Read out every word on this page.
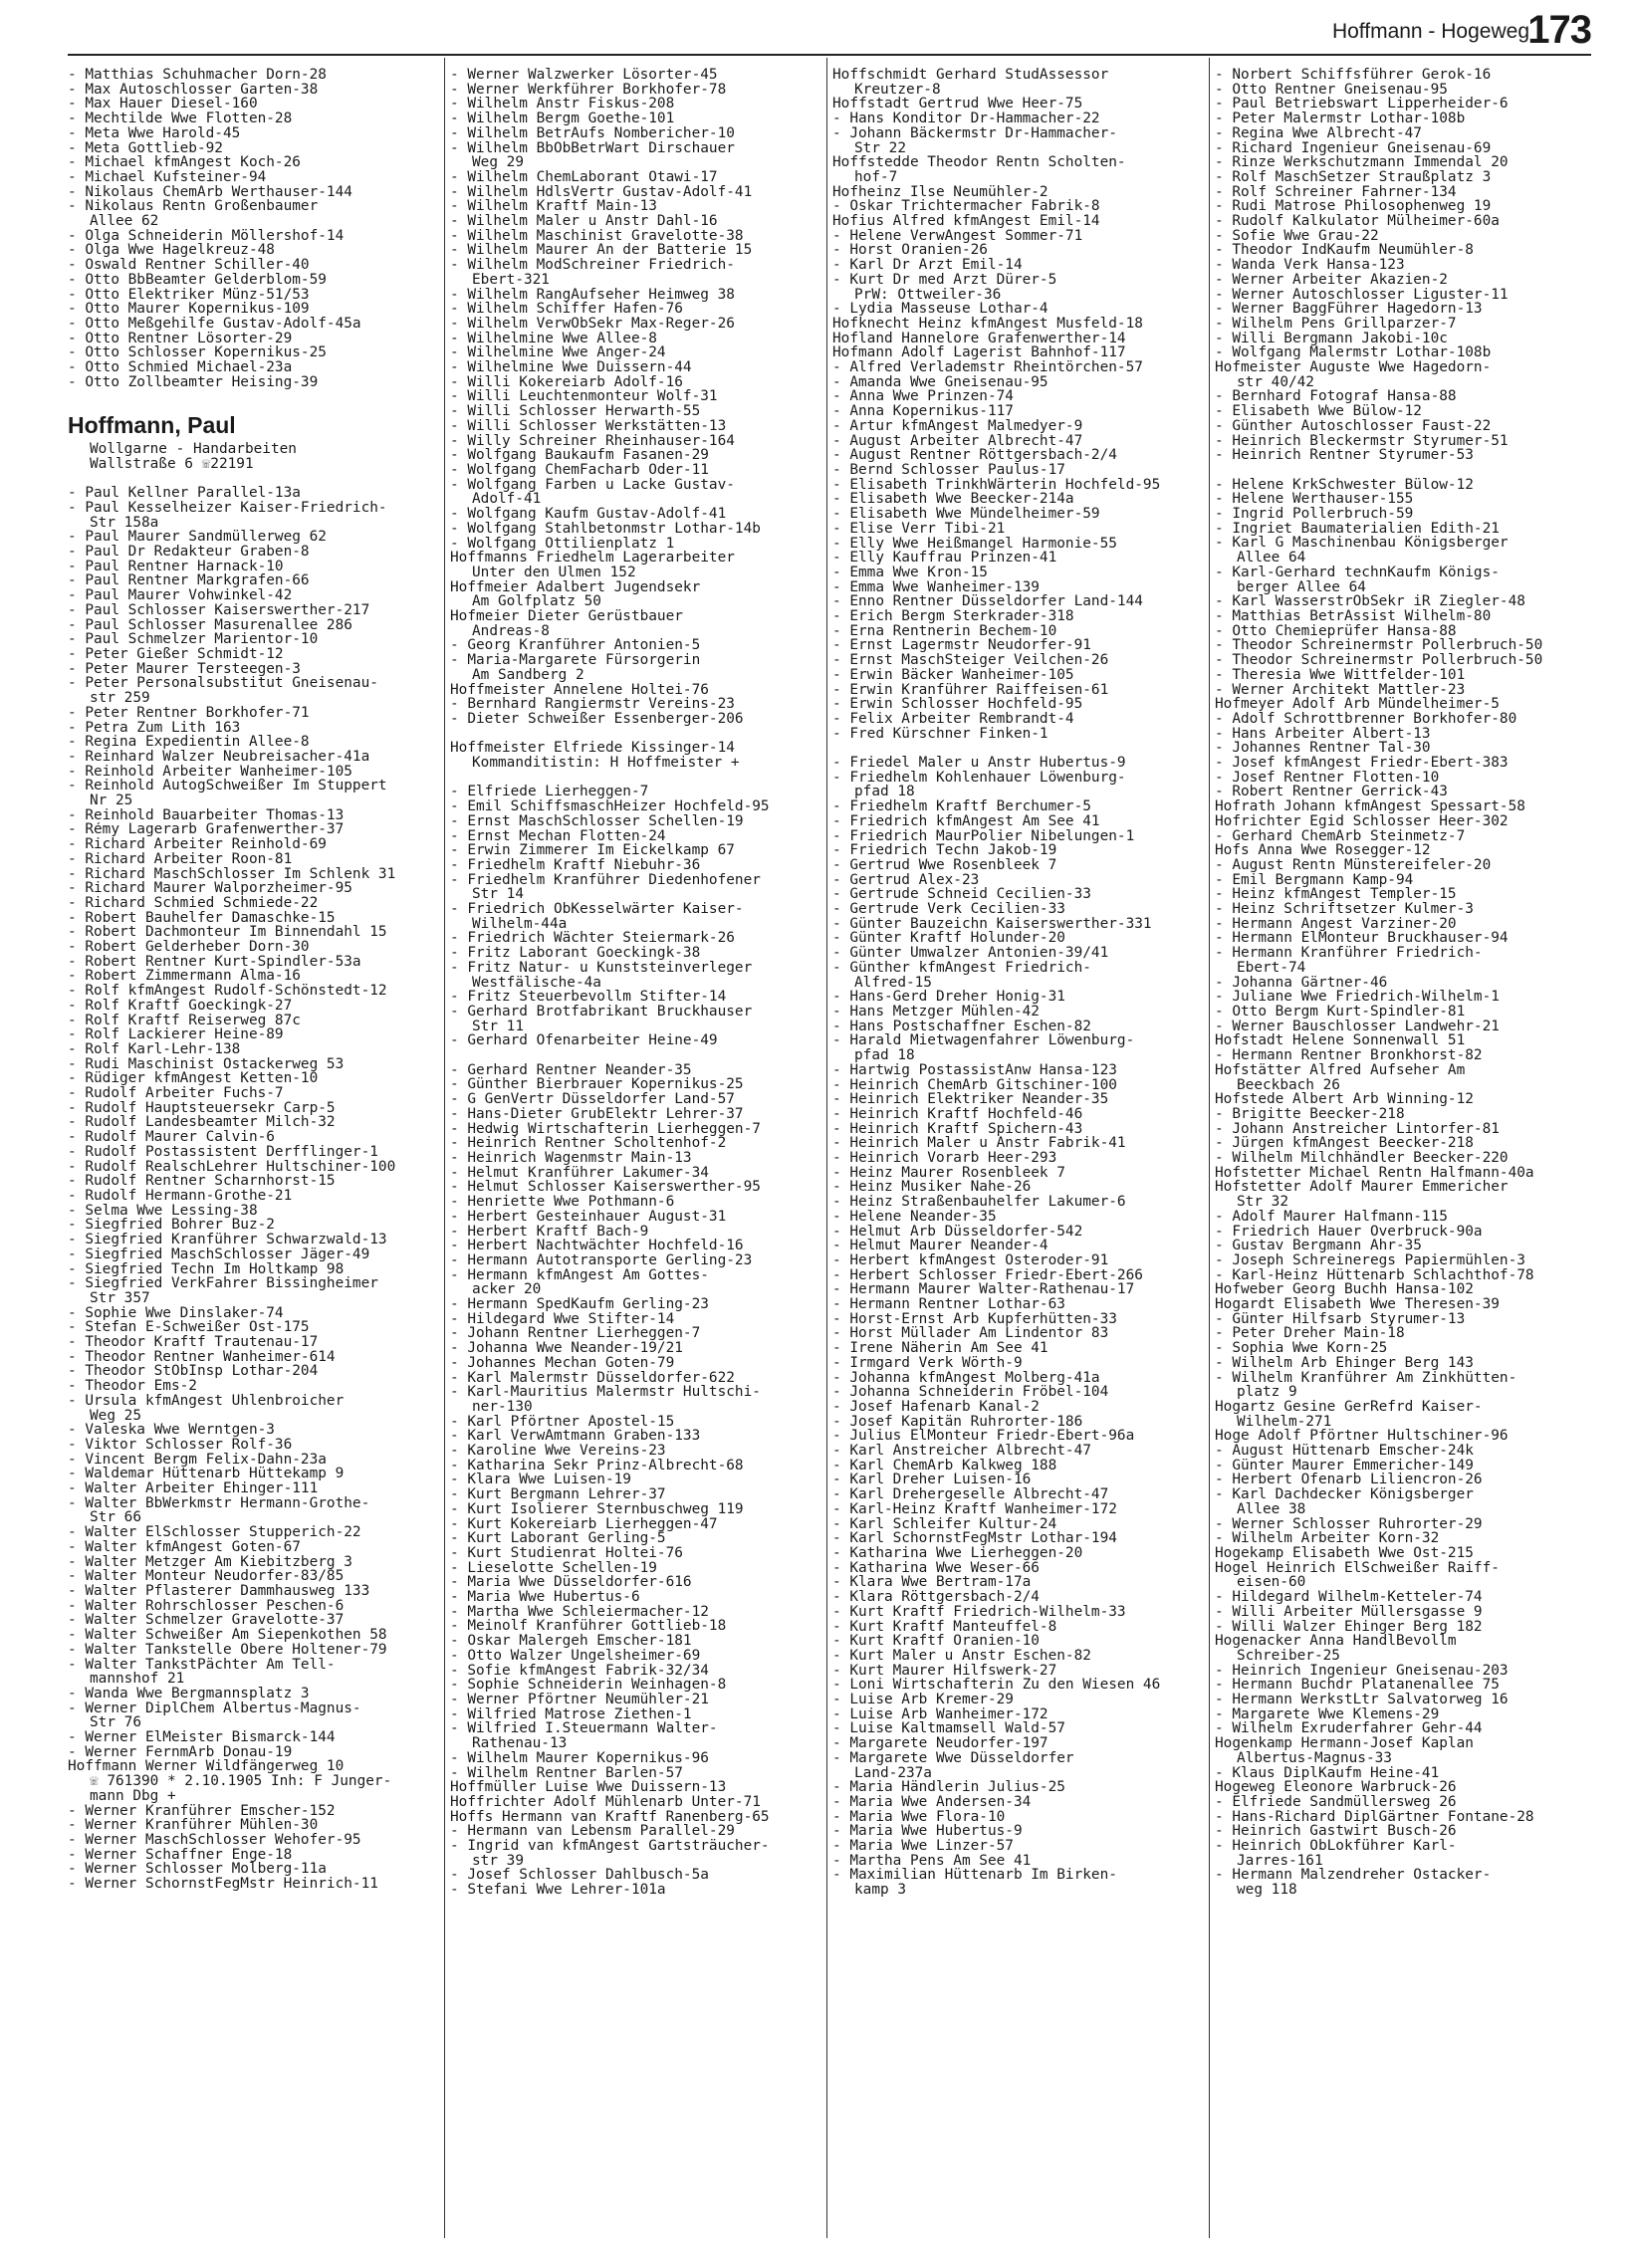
Hoffmann - Hogeweg
173
- Matthias Schuhmacher Dorn-28
- Max Autoschlosser Garten-38
- Max Hauer Diesel-160
- Mechtilde Wwe Flotten-28
- Meta Wwe Harold-45
- Meta Gottlieb-92
- Michael kfmAngest Koch-26
- Michael Kufsteiner-94
- Nikolaus ChemArb Werthauser-144
- Nikolaus Rentn Großenbaumer
Allee 62
- Olga Schneiderin Möllershof-14
- Olga Wwe Hagelkreuz-48
- Oswald Rentner Schiller-40
- Otto BbBeamter Gelderblom-59
- Otto Elektriker Münz-51/53
- Otto Maurer Kopernikus-109
- Otto Meßgehilfe Gustav-Adolf-45a
- Otto Rentner Lösorter-29
- Otto Schlosser Kopernikus-25
- Otto Schmied Michael-23a
- Otto Zollbeamter Heising-39
Hoffmann, Paul
Wollgarne - Handarbeiten
Wallstraße 6 ☏22191
- Paul Kellner Parallel-13a
- Paul Kesselheizer Kaiser-Friedrich-
Str 158a
- Paul Maurer Sandmüllerweg 62
- Paul Dr Redakteur Graben-8
- Paul Rentner Harnack-10
- Paul Rentner Markgrafen-66
- Paul Maurer Vohwinkel-42
- Paul Schlosser Kaiserswerther-217
- Paul Schlosser Masurenallee 286
- Paul Schmelzer Marientor-10
- Peter Gießer Schmidt-12
- Peter Maurer Tersteegen-3
- Peter Personalsubstitut Gneisenau-
str 259
- Peter Rentner Borkhofer-71
- Petra Zum Lith 163
- Regina Expedientin Allee-8
- Reinhard Walzer Neubreisacher-41a
- Reinhold Arbeiter Wanheimer-105
- Reinhold AutogSchweißer Im Stuppert
Nr 25
- Reinhold Bauarbeiter Thomas-13
- Rémy Lagerarb Grafenwerther-37
- Richard Arbeiter Reinhold-69
- Richard Arbeiter Roon-81
- Richard MaschSchlosser Im Schlenk 31
- Richard Maurer Walporzheimer-95
- Richard Schmied Schmiede-22
- Robert Bauhelfer Damaschke-15
- Robert Dachmonteur Im Binnendahl 15
- Robert Gelderheber Dorn-30
- Robert Rentner Kurt-Spindler-53a
- Robert Zimmermann Alma-16
- Rolf kfmAngest Rudolf-Schönstedt-12
- Rolf Kraftf Goeckingk-27
- Rolf Kraftf Reiserweg 87c
- Rolf Lackierer Heine-89
- Rolf Karl-Lehr-138
- Rudi Maschinist Ostackerweg 53
- Rüdiger kfmAngest Ketten-10
- Rudolf Arbeiter Fuchs-7
- Rudolf Hauptsteuersekr Carp-5
- Rudolf Landesbeamter Milch-32
- Rudolf Maurer Calvin-6
- Rudolf Postassistent Derfflinger-1
- Rudolf RealschLehrer Hultschiner-100
- Rudolf Rentner Scharnhorst-15
- Rudolf Hermann-Grothe-21
- Selma Wwe Lessing-38
- Siegfried Bohrer Buz-2
- Siegfried Kranführer Schwarzwald-13
- Siegfried MaschSchlosser Jäger-49
- Siegfried Techn Im Holtkamp 98
- Siegfried VerkFahrer Bissingheimer
Str 357
- Sophie Wwe Dinslaker-74
- Stefan E-Schweißer Ost-175
- Theodor Kraftf Trautenau-17
- Theodor Rentner Wanheimer-614
- Theodor StObInsp Lothar-204
- Theodor Ems-2
- Ursula kfmAngest Uhlenbroicher
Weg 25
- Valeska Wwe Werntgen-3
- Viktor Schlosser Rolf-36
- Vincent Bergm Felix-Dahn-23a
- Waldemar Hüttenarb Hüttekamp 9
- Walter Arbeiter Ehinger-111
- Walter BbWerkmstr Hermann-Grothe-
Str 66
- Walter ElSchlosser Stupperich-22
- Walter kfmAngest Goten-67
- Walter Metzger Am Kiebitzberg 3
- Walter Monteur Neudorfer-83/85
- Walter Pflasterer Dammhausweg 133
- Walter Rohrschlosser Peschen-6
- Walter Schmelzer Gravelotte-37
- Walter Schweißer Am Siepenkothen 58
- Walter Tankstelle Obere Holtener-79
- Walter TankstPächter Am Tell-
mannshof 21
- Wanda Wwe Bergmannsplatz 3
- Werner DiplChem Albertus-Magnus-
Str 76
- Werner ElMeister Bismarck-144
- Werner FernmArb Donau-19
Hoffmann Werner Wildfängerweg 10
☏ 761390 * 2.10.1905 Inh: F Junger-
mann Dbg +
- Werner Kranführer Emscher-152
- Werner Kranführer Mühlen-30
- Werner MaschSchlosser Wehofer-95
- Werner Schaffner Enge-18
- Werner Schlosser Molberg-11a
- Werner SchornstFegMstr Heinrich-11
- Werner Walzwerker Lösorter-45
- Werner Werkführer Borkhofer-78
- Wilhelm Anstr Fiskus-208
- Wilhelm Bergm Goethe-101
- Wilhelm BetrAufs Nombericher-10
- Wilhelm BbObBetrWart Dirschauer
Weg 29
- Wilhelm ChemLaborant Otawi-17
- Wilhelm HdlsVertr Gustav-Adolf-41
- Wilhelm Kraftf Main-13
- Wilhelm Maler u Anstr Dahl-16
- Wilhelm Maschinist Gravelotte-38
- Wilhelm Maurer An der Batterie 15
- Wilhelm ModSchreiner Friedrich-
Ebert-321
- Wilhelm RangAufseher Heimweg 38
- Wilhelm Schiffer Hafen-76
- Wilhelm VerwObSekr Max-Reger-26
- Wilhelmine Wwe Allee-8
- Wilhelmine Wwe Anger-24
- Wilhelmine Wwe Duissern-44
- Willi Kokereiarb Adolf-16
- Willi Leuchtenmonteur Wolf-31
- Willi Schlosser Herwarth-55
- Willi Schlosser Werkstätten-13
- Willy Schreiner Rheinhauser-164
- Wolfgang Baukaufm Fasanen-29
- Wolfgang ChemFacharb Oder-11
- Wolfgang Farben u Lacke Gustav-
Adolf-41
- Wolfgang Kaufm Gustav-Adolf-41
- Wolfgang Stahlbetonmstr Lothar-14b
- Wolfgang Ottilienplatz 1
Hoffmanns Friedhelm Lagerarbeiter
Unter den Ulmen 152
Hoffmeier Adalbert Jugendsekr
Am Golfplatz 50
Hofmeier Dieter Gerüstbauer
Andreas-8
- Georg Kranführer Antonien-5
- Maria-Margarete Fürsorgerin
Am Sandberg 2
Hoffmeister Annelene Holtei-76
- Bernhard Rangiermstr Vereins-23
- Dieter Schweißer Essenberger-206
Hoffmeister Elfriede Kissinger-14
Kommanditistin: H Hoffmeister +
- Elfriede Lierheggen-7
- Emil SchiffsmaschHeizer Hochfeld-95
- Ernst MaschSchlosser Schellen-19
- Ernst Mechan Flotten-24
- Erwin Zimmerer Im Eickelkamp 67
- Friedhelm Kraftf Niebuhr-36
- Friedhelm Kranführer Diedenhofener
Str 14
- Friedrich ObKesselwärter Kaiser-
Wilhelm-44a
- Friedrich Wächter Steiermark-26
- Fritz Laborant Goeckingk-38
- Fritz Natur- u Kunststeinverleger
Westfälische-4a
- Fritz Steuerbevollm Stifter-14
- Gerhard Brotfabrikant Bruckhauser
Str 11
- Gerhard Ofenarbeiter Heine-49
- Gerhard Rentner Neander-35
- Günther Bierbrauer Kopernikus-25
- G GenVertr Düsseldorfer Land-57
- Hans-Dieter GrubElektr Lehrer-37
- Hedwig Wirtschafterin Lierheggen-7
- Heinrich Rentner Scholtenhof-2
- Heinrich Wagenmstr Main-13
- Helmut Kranführer Lakumer-34
- Helmut Schlosser Kaiserswerther-95
- Henriette Wwe Pothmann-6
- Herbert Gesteinhauer August-31
- Herbert Kraftf Bach-9
- Herbert Nachtwächter Hochfeld-16
- Hermann Autotransporte Gerling-23
- Hermann kfmAngest Am Gottes-
acker 20
- Hermann SpedKaufm Gerling-23
- Hildegard Wwe Stifter-14
- Johann Rentner Lierheggen-7
- Johanna Wwe Neander-19/21
- Johannes Mechan Goten-79
- Karl Malermstr Düsseldorfer-622
- Karl-Mauritius Malermstr Hultschi-
ner-130
- Karl Pförtner Apostel-15
- Karl VerwAmtmann Graben-133
- Karoline Wwe Vereins-23
- Katharina Sekr Prinz-Albrecht-68
- Klara Wwe Luisen-19
- Kurt Bergmann Lehrer-37
- Kurt Isolierer Sternbuschweg 119
- Kurt Kokereiarb Lierheggen-47
- Kurt Laborant Gerling-5
- Kurt Studienrat Holtei-76
- Lieselotte Schellen-19
- Maria Wwe Düsseldorfer-616
- Maria Wwe Hubertus-6
- Martha Wwe Schleiermacher-12
- Meinolf Kranführer Gottlieb-18
- Oskar Malergeh Emscher-181
- Otto Walzer Ungelsheimer-69
- Sofie kfmAngest Fabrik-32/34
- Sophie Schneiderin Weinhagen-8
- Werner Pförtner Neumühler-21
- Wilfried Matrose Ziethen-1
- Wilfried I.Steuermann Walter-
Rathenau-13
- Wilhelm Maurer Kopernikus-96
- Wilhelm Rentner Barlen-57
Hoffmüller Luise Wwe Duissern-13
Hoffrichter Adolf Mühlenarb Unter-71
Hoffs Hermann van Kraftf Ranenberg-65
- Hermann van Lebensm Parallel-29
- Ingrid van kfmAngest Gartsträucher-
str 39
- Josef Schlosser Dahlbusch-5a
- Stefani Wwe Lehrer-101a
Hoffschmidt Gerhard StudAssessor
Kreutzer-8
Hoffstadt Gertrud Wwe Heer-75
- Hans Konditor Dr-Hammacher-22
- Johann Bäckermstr Dr-Hammacher-
Str 22
Hoffstedde Theodor Rentn Scholten-
hof-7
Hofheinz Ilse Neumühler-2
- Oskar Trichtermacher Fabrik-8
Hofius Alfred kfmAngest Emil-14
- Helene VerwAngest Sommer-71
- Horst Oranien-26
- Karl Dr Arzt Emil-14
- Kurt Dr med Arzt Dürer-5
PrW: Ottweiler-36
- Lydia Masseuse Lothar-4
Hofknecht Heinz kfmAngest Musfeld-18
Hofland Hannelore Grafenwerther-14
Hofmann Adolf Lagerist Bahnhof-117
- Alfred Verlademstr Rheintörchen-57
- Amanda Wwe Gneisenau-95
- Anna Wwe Prinzen-74
- Anna Kopernikus-117
- Artur kfmAngest Malmedyer-9
- August Arbeiter Albrecht-47
- August Rentner Röttgersbach-2/4
- Bernd Schlosser Paulus-17
- Elisabeth TrinkhWärterin Hochfeld-95
- Elisabeth Wwe Beecker-214a
- Elisabeth Wwe Mündelheimer-59
- Elise Verr Tibi-21
- Elly Wwe Heißmangel Harmonie-55
- Elly Kauffrau Prinzen-41
- Emma Wwe Kron-15
- Emma Wwe Wanheimer-139
- Enno Rentner Düsseldorfer Land-144
- Erich Bergm Sterkrader-318
- Erna Rentnerin Bechem-10
- Ernst Lagermstr Neudorfer-91
- Ernst MaschSteiger Veilchen-26
- Erwin Bäcker Wanheimer-105
- Erwin Kranführer Raiffeisen-61
- Erwin Schlosser Hochfeld-95
- Felix Arbeiter Rembrandt-4
- Fred Kürschner Finken-1
- Friedel Maler u Anstr Hubertus-9
- Friedhelm Kohlenhauer Löwenburg-
pfad 18
- Friedhelm Kraftf Berchumer-5
- Friedrich kfmAngest Am See 41
- Friedrich MaurPolier Nibelungen-1
- Friedrich Techn Jakob-19
- Gertrud Wwe Rosenbleek 7
- Gertrud Alex-23
- Gertrude Schneid Cecilien-33
- Gertrude Verk Cecilien-33
- Günter Bauzeichn Kaiserswerther-331
- Günter Kraftf Holunder-20
- Günter Umwalzer Antonien-39/41
- Günther kfmAngest Friedrich-
Alfred-15
- Hans-Gerd Dreher Honig-31
- Hans Metzger Mühlen-42
- Hans Postschaffner Eschen-82
- Harald Mietwagenfahrer Löwenburg-
pfad 18
- Hartwig PostassistAnw Hansa-123
- Heinrich ChemArb Gitschiner-100
- Heinrich Elektriker Neander-35
- Heinrich Kraftf Hochfeld-46
- Heinrich Kraftf Spichern-43
- Heinrich Maler u Anstr Fabrik-41
- Heinrich Vorarb Heer-293
- Heinz Maurer Rosenbleek 7
- Heinz Musiker Nahe-26
- Heinz Straßenbauhelfer Lakumer-6
- Helene Neander-35
- Helmut Arb Düsseldorfer-542
- Helmut Maurer Neander-4
- Herbert kfmAngest Osteroder-91
- Herbert Schlosser Friedr-Ebert-266
- Hermann Maurer Walter-Rathenau-17
- Hermann Rentner Lothar-63
- Horst-Ernst Arb Kupferhütten-33
- Horst Müllader Am Lindentor 83
- Irene Näherin Am See 41
- Irmgard Verk Wörth-9
- Johanna kfmAngest Molberg-41a
- Johanna Schneiderin Fröbel-104
- Josef Hafenarb Kanal-2
- Josef Kapitän Ruhrorter-186
- Julius ElMonteur Friedr-Ebert-96a
- Karl Anstreicher Albrecht-47
- Karl ChemArb Kalkweg 188
- Karl Dreher Luisen-16
- Karl Drehergeselle Albrecht-47
- Karl-Heinz Kraftf Wanheimer-172
- Karl Schleifer Kultur-24
- Karl SchornstFegMstr Lothar-194
- Katharina Wwe Lierheggen-20
- Katharina Wwe Weser-66
- Klara Wwe Bertram-17a
- Klara Röttgersbach-2/4
- Kurt Kraftf Friedrich-Wilhelm-33
- Kurt Kraftf Manteuffel-8
- Kurt Kraftf Oranien-10
- Kurt Maler u Anstr Eschen-82
- Kurt Maurer Hilfswerk-27
- Loni Wirtschafterin Zu den Wiesen 46
- Luise Arb Kremer-29
- Luise Arb Wanheimer-172
- Luise Kaltmamsell Wald-57
- Margarete Neudorfer-197
- Margarete Wwe Düsseldorfer
Land-237a
- Maria Händlerin Julius-25
- Maria Wwe Andersen-34
- Maria Wwe Flora-10
- Maria Wwe Hubertus-9
- Maria Wwe Linzer-57
- Martha Pens Am See 41
- Maximilian Hüttenarb Im Birken-
kamp 3
- Norbert Schiffsführer Gerok-16
- Otto Rentner Gneisenau-95
- Paul Betriebswart Lipperheider-6
- Peter Malermstr Lothar-108b
- Regina Wwe Albrecht-47
- Richard Ingenieur Gneisenau-69
- Rinze Werkschutzmann Immendal 20
- Rolf MaschSetzer Straußplatz 3
- Rolf Schreiner Fahrner-134
- Rudi Matrose Philosophenweg 19
- Rudolf Kalkulator Mülheimer-60a
- Sofie Wwe Grau-22
- Theodor IndKaufm Neumühler-8
- Wanda Verk Hansa-123
- Werner Arbeiter Akazien-2
- Werner Autoschlosser Liguster-11
- Werner BaggFührer Hagedorn-13
- Wilhelm Pens Grillparzer-7
- Willi Bergmann Jakobi-10c
- Wolfgang Malermstr Lothar-108b
Hofmeister Auguste Wwe Hagedorn-
str 40/42
- Bernhard Fotograf Hansa-88
- Elisabeth Wwe Bülow-12
- Günther Autoschlosser Faust-22
- Heinrich Bleckermstr Styrumer-51
- Heinrich Rentner Styrumer-53
- Helene KrkSchwester Bülow-12
- Helene Werthauser-155
- Ingrid Pollerbruch-59
- Ingriet Baumaterialien Edith-21
- Karl G Maschinenbau Königsberger
Allee 64
- Karl-Gerhard technKaufm Königs-
berger Allee 64
- Karl WasserstrObSekr iR Ziegler-48
- Matthias BetrAssist Wilhelm-80
- Otto Chemieprüfer Hansa-88
- Theodor Schreinermstr Pollerbruch-50
- Theodor Schreinermstr Pollerbruch-50
- Theresia Wwe Wittfelder-101
- Werner Architekt Mattler-23
Hofmeyer Adolf Arb Mündelheimer-5
- Adolf Schrottbrenner Borkhofer-80
- Hans Arbeiter Albert-13
- Johannes Rentner Tal-30
- Josef kfmAngest Friedr-Ebert-383
- Josef Rentner Flotten-10
- Robert Rentner Gerrick-43
Hofrath Johann kfmAngest Spessart-58
Hofrichter Egid Schlosser Heer-302
- Gerhard ChemArb Steinmetz-7
Hofs Anna Wwe Rosegger-12
- August Rentn Münstereifeler-20
- Emil Bergmann Kamp-94
- Heinz kfmAngest Templer-15
- Heinz Schriftsetzer Kulmer-3
- Hermann Angest Varziner-20
- Hermann ElMonteur Bruckhauser-94
- Hermann Kranführer Friedrich-
Ebert-74
- Johanna Gärtner-46
- Juliane Wwe Friedrich-Wilhelm-1
- Otto Bergm Kurt-Spindler-81
- Werner Bauschlosser Landwehr-21
Hofstadt Helene Sonnenwall 51
- Hermann Rentner Bronkhorst-82
Hofstätter Alfred Aufseher Am
Beeckbach 26
Hofstede Albert Arb Winning-12
- Brigitte Beecker-218
- Johann Anstreicher Lintorfer-81
- Jürgen kfmAngest Beecker-218
- Wilhelm Milchhändler Beecker-220
Hofstetter Michael Rentn Halfmann-40a
Hofstetter Adolf Maurer Emmericher
Str 32
- Adolf Maurer Halfmann-115
- Friedrich Hauer Overbruck-90a
- Gustav Bergmann Ahr-35
- Joseph Schreineregs Papiermühlen-3
- Karl-Heinz Hüttenarb Schlachthof-78
Hofweber Georg Buchh Hansa-102
Hogardt Elisabeth Wwe Theresen-39
- Günter Hilfsarb Styrumer-13
- Peter Dreher Main-18
- Sophia Wwe Korn-25
- Wilhelm Arb Ehinger Berg 143
- Wilhelm Kranführer Am Zinkhütten-
platz 9
Hogartz Gesine GerRefrd Kaiser-
Wilhelm-271
Hoge Adolf Pförtner Hultschiner-96
- August Hüttenarb Emscher-24k
- Günter Maurer Emmericher-149
- Herbert Ofenarb Liliencron-26
- Karl Dachdecker Königsberger
Allee 38
- Werner Schlosser Ruhrorter-29
- Wilhelm Arbeiter Korn-32
Hogekamp Elisabeth Wwe Ost-215
Hogel Heinrich ElSchweißer Raiff-
eisen-60
- Hildegard Wilhelm-Ketteler-74
- Willi Arbeiter Müllersgasse 9
- Willi Walzer Ehinger Berg 182
Hogenacker Anna HandlBevollm
Schreiber-25
- Heinrich Ingenieur Gneisenau-203
- Hermann Buchdr Platanenallee 75
- Hermann WerkstLtr Salvatorweg 16
- Margarete Wwe Klemens-29
- Wilhelm Exruderfahrer Gehr-44
Hogenkamp Hermann-Josef Kaplan
Albertus-Magnus-33
- Klaus DiplKaufm Heine-41
Hogeweg Eleonore Warbruck-26
- Elfriede Sandmüllersweg 26
- Hans-Richard DiplGärtner Fontane-28
- Heinrich Gastwirt Busch-26
- Heinrich ObLokführer Karl-
Jarres-161
- Hermann Malzendreher Ostacker-
weg 118
